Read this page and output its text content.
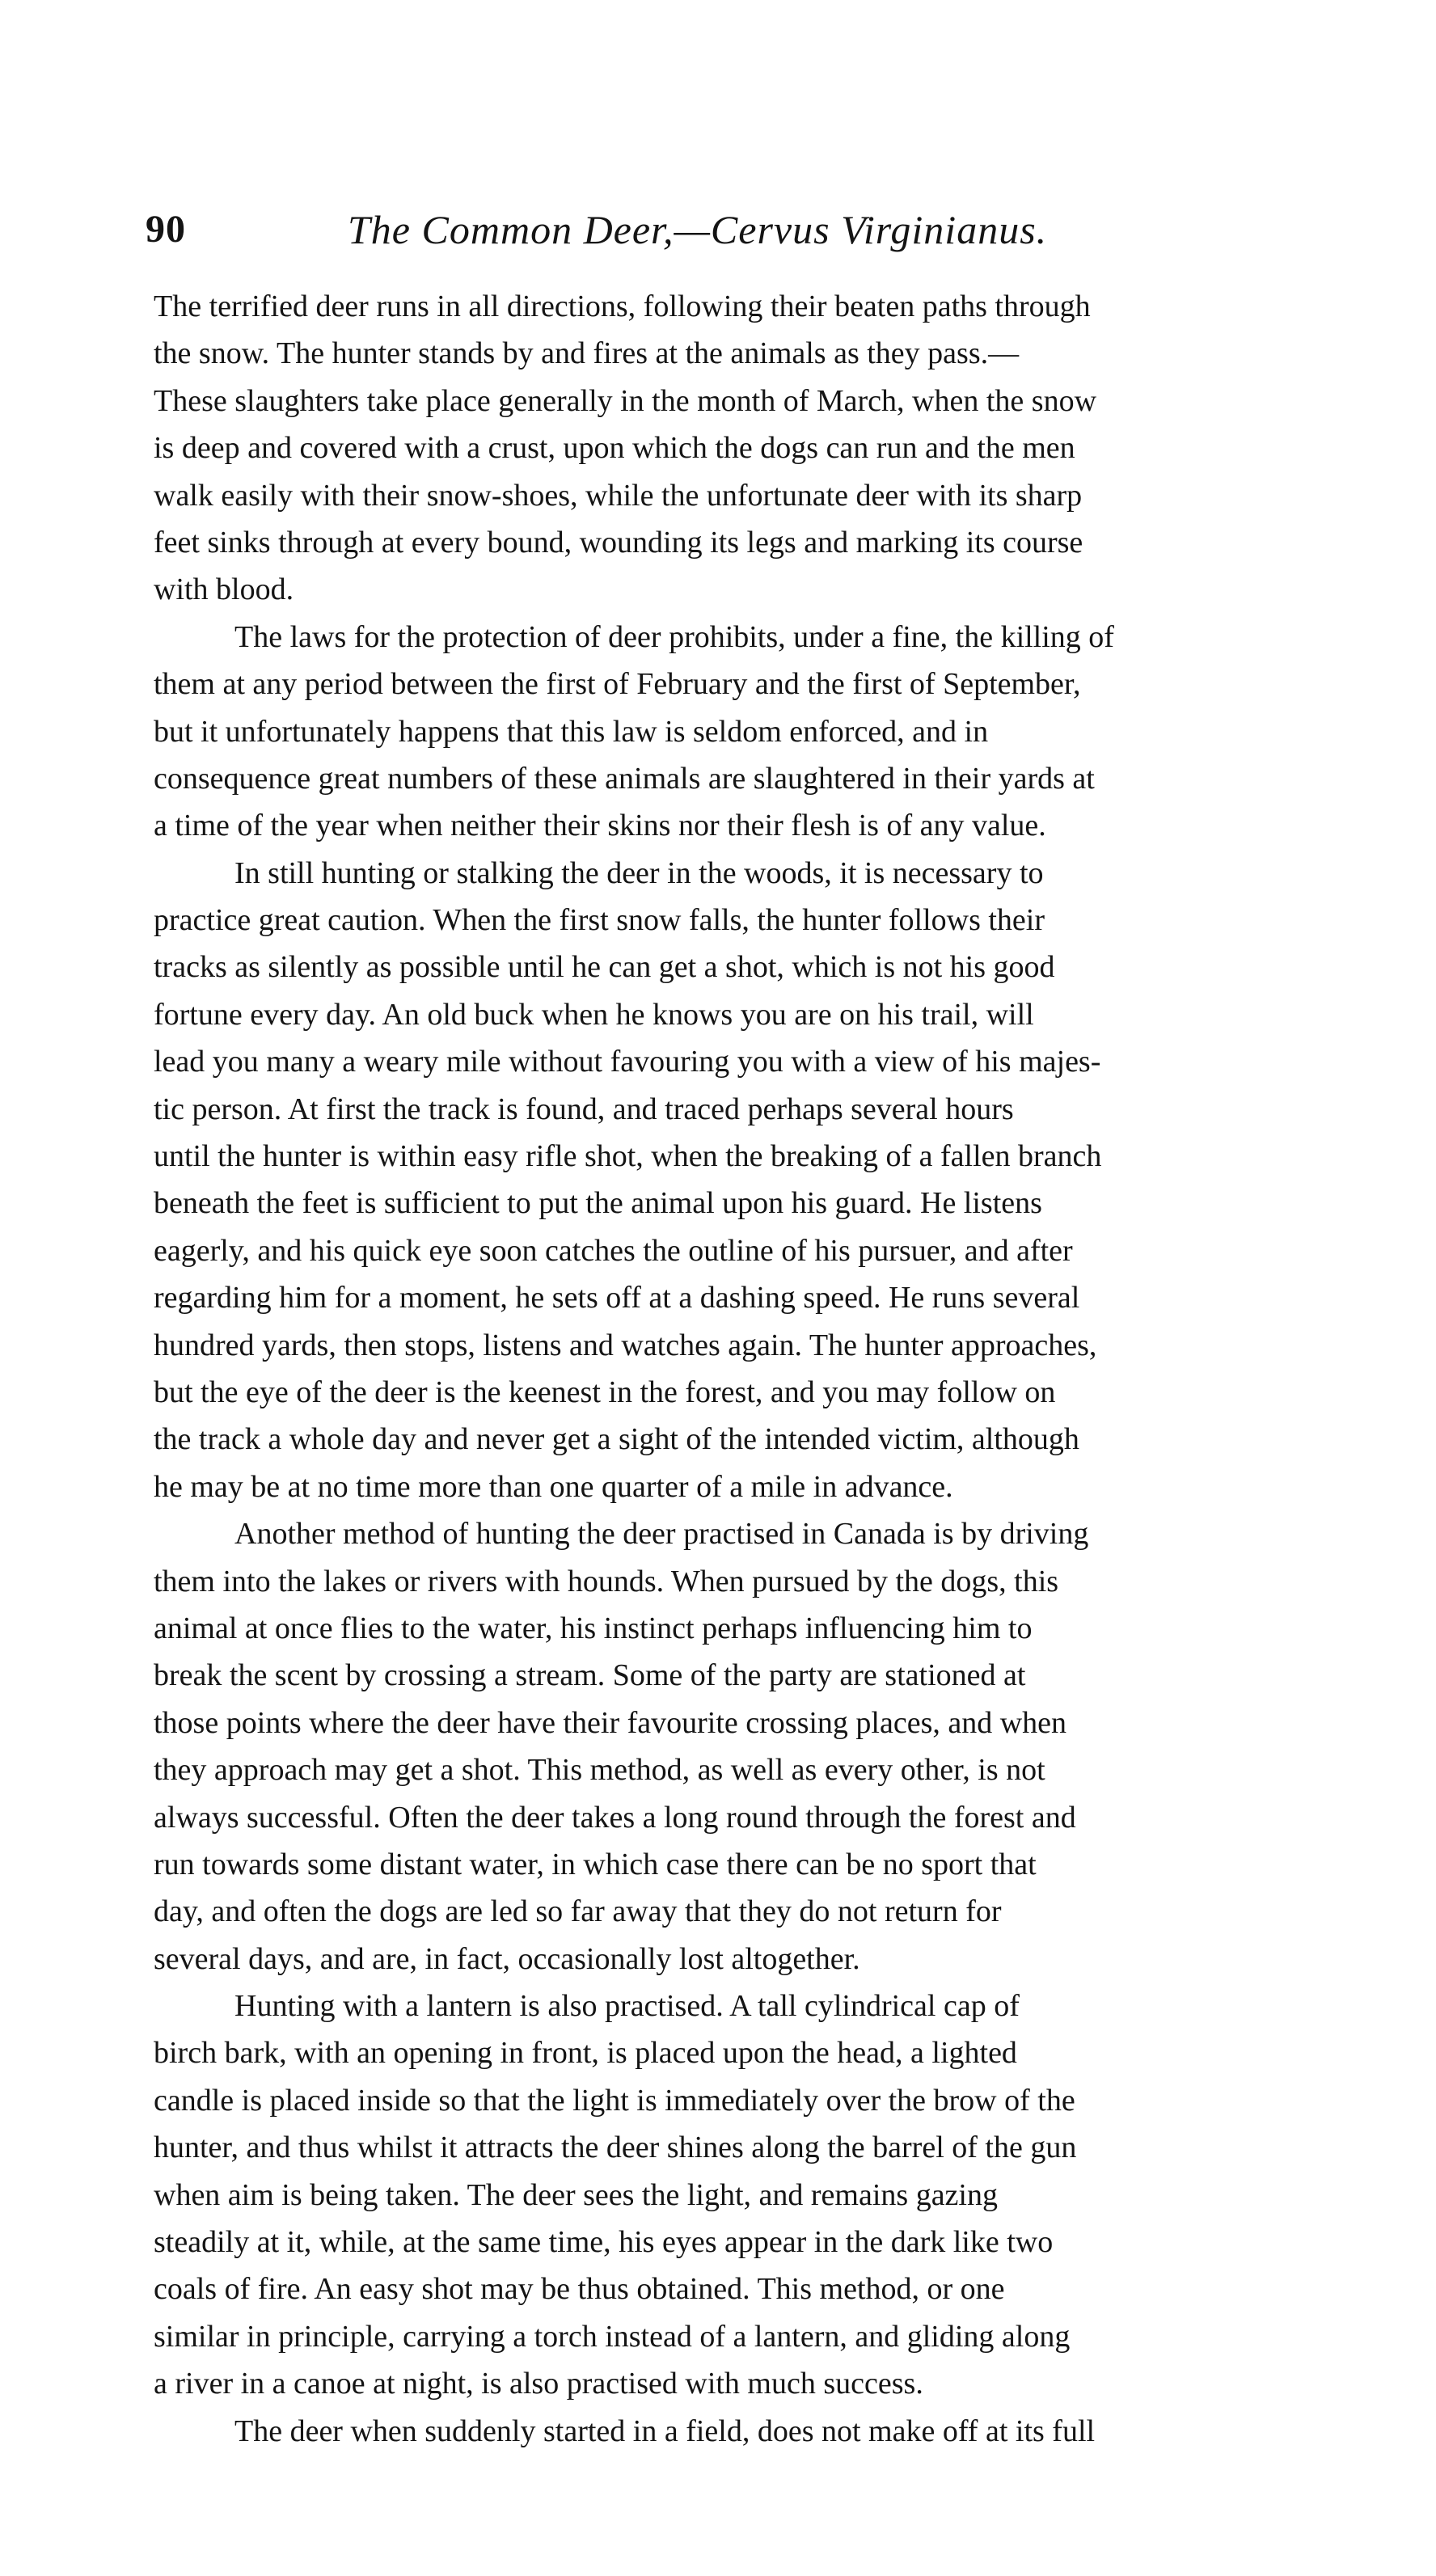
90	The Common Deer,—Cervus Virginianus.
The terrified deer runs in all directions, following their beaten paths through
the snow. The hunter stands by and fires at the animals as they pass.—
These slaughters take place generally in the month of March, when the snow
is deep and covered with a crust, upon which the dogs can run and the men
walk easily with their snow-shoes, while the unfortunate deer with its sharp
feet sinks through at every bound, wounding its legs and marking its course
with blood.
The laws for the protection of deer prohibits, under a fine, the killing of
them at any period between the first of February and the first of September,
but it unfortunately happens that this law is seldom enforced, and in
consequence great numbers of these animals are slaughtered in their yards at
a time of the year when neither their skins nor their flesh is of any value.
In still hunting or stalking the deer in the woods, it is necessary to
practice great caution. When the first snow falls, the hunter follows their
tracks as silently as possible until he can get a shot, which is not his good
fortune every day. An old buck when he knows you are on his trail, will
lead you many a weary mile without favouring you with a view of his majes-
tic person. At first the track is found, and traced perhaps several hours
until the hunter is within easy rifle shot, when the breaking of a fallen branch
beneath the feet is sufficient to put the animal upon his guard. He listens
eagerly, and his quick eye soon catches the outline of his pursuer, and after
regarding him for a moment, he sets off at a dashing speed. He runs several
hundred yards, then stops, listens and watches again. The hunter approaches,
but the eye of the deer is the keenest in the forest, and you may follow on
the track a whole day and never get a sight of the intended victim, although
he may be at no time more than one quarter of a mile in advance.
Another method of hunting the deer practised in Canada is by driving
them into the lakes or rivers with hounds. When pursued by the dogs, this
animal at once flies to the water, his instinct perhaps influencing him to
break the scent by crossing a stream. Some of the party are stationed at
those points where the deer have their favourite crossing places, and when
they approach may get a shot. This method, as well as every other, is not
always successful. Often the deer takes a long round through the forest and
run towards some distant water, in which case there can be no sport that
day, and often the dogs are led so far away that they do not return for
several days, and are, in fact, occasionally lost altogether.
Hunting with a lantern is also practised. A tall cylindrical cap of
birch bark, with an opening in front, is placed upon the head, a lighted
candle is placed inside so that the light is immediately over the brow of the
hunter, and thus whilst it attracts the deer shines along the barrel of the gun
when aim is being taken. The deer sees the light, and remains gazing
steadily at it, while, at the same time, his eyes appear in the dark like two
coals of fire. An easy shot may be thus obtained. This method, or one
similar in principle, carrying a torch instead of a lantern, and gliding along
a river in a canoe at night, is also practised with much success.
The deer when suddenly started in a field, does not make off at its full
